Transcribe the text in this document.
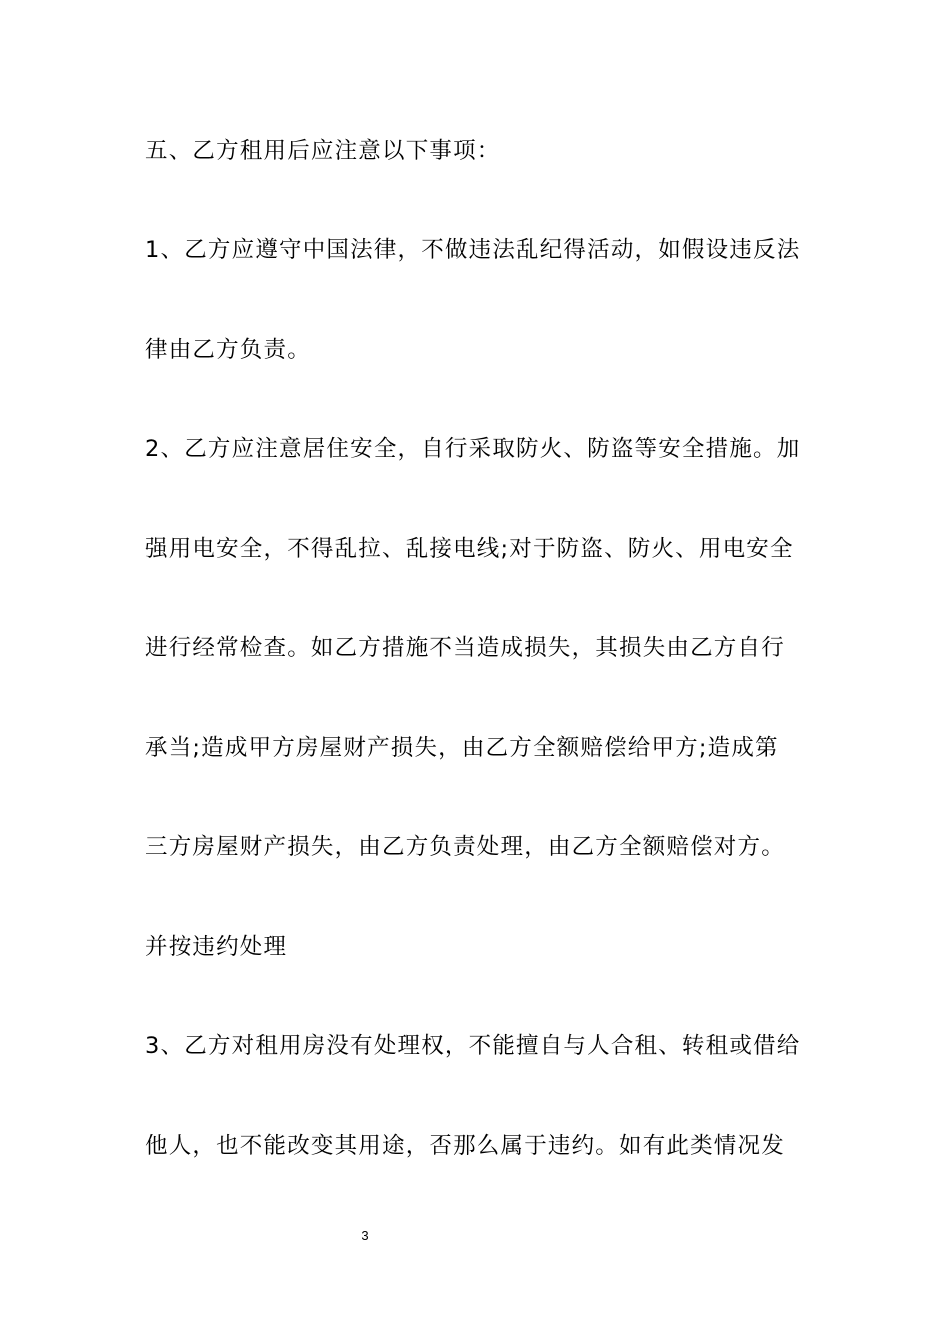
五、乙方租用后应注意以下事项：
1、乙方应遵守中国法律，不做违法乱纪得活动，如假设违反法
律由乙方负责。
2、乙方应注意居住安全，自行采取防火、防盗等安全措施。加
强用电安全，不得乱拉、乱接电线;对于防盗、防火、用电安全
进行经常检查。如乙方措施不当造成损失，其损失由乙方自行
承当;造成甲方房屋财产损失，由乙方全额赔偿给甲方;造成第
三方房屋财产损失，由乙方负责处理，由乙方全额赔偿对方。
并按违约处理
3、乙方对租用房没有处理权，不能擅自与人合租、转租或借给
他人，也不能改变其用途，否那么属于违约。如有此类情况发
3
